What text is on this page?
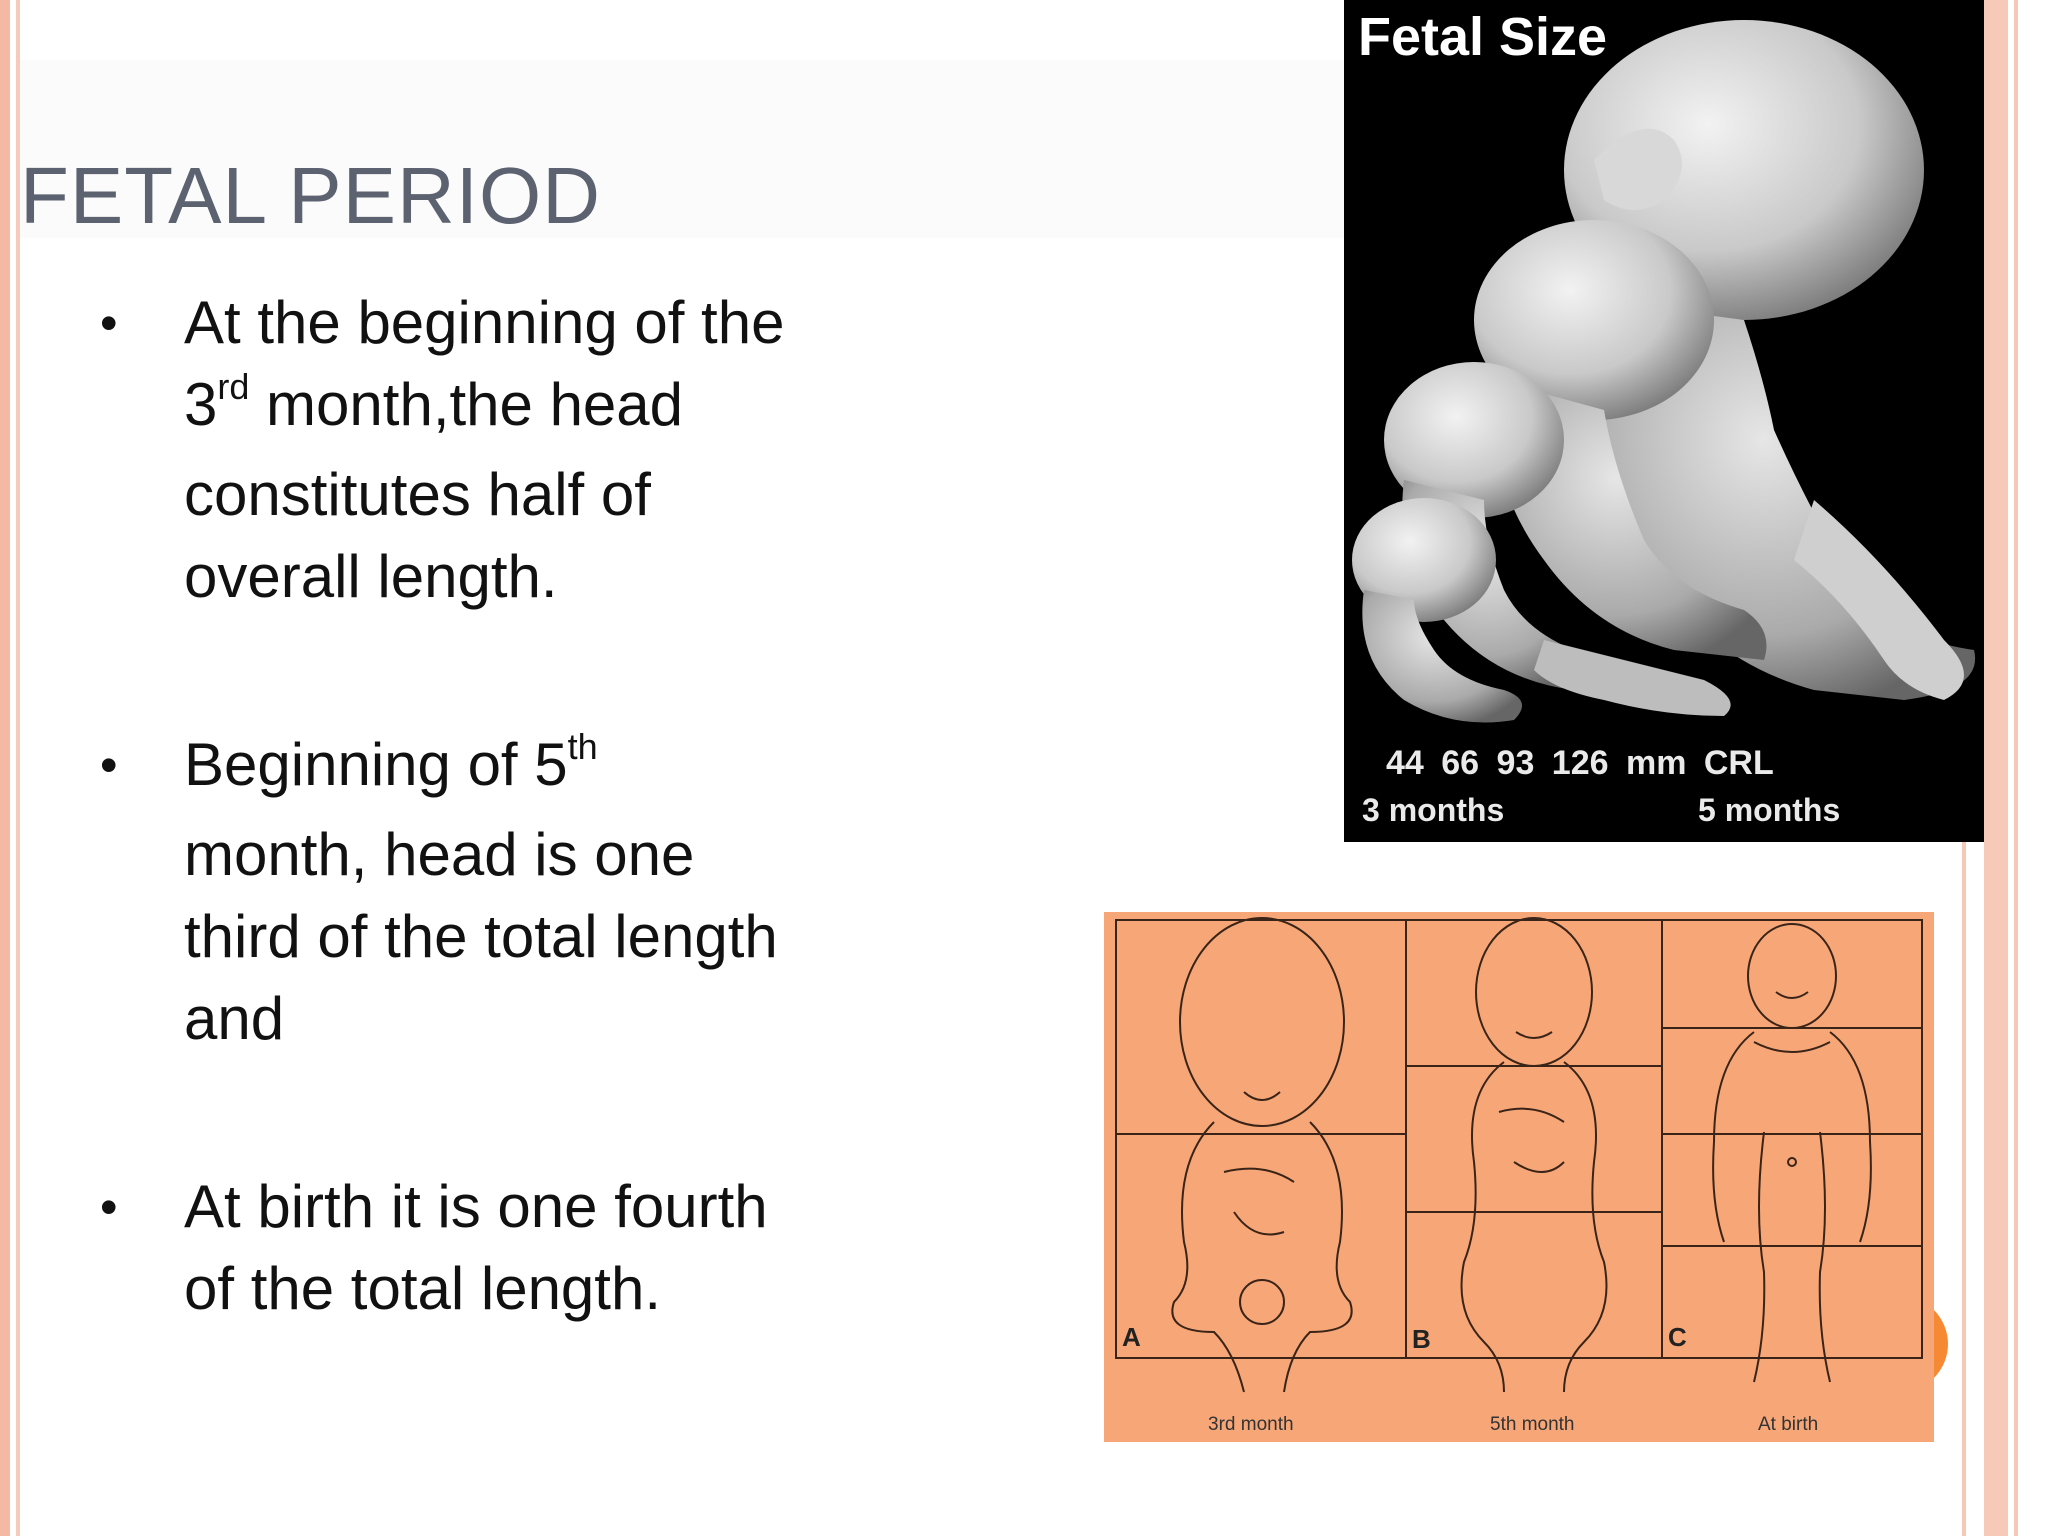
FETAL PERIOD
• At the beginning of the
3rd month,the head
constitutes half of
overall length.
• Beginning of 5th
month, head is one
third of the total length
and
• At birth it is one fourth
of the total length.
Fetal Size
44 66 93 126 mm CRL
3 months	5 months
A	B	C
3rd month	5th month	At birth
